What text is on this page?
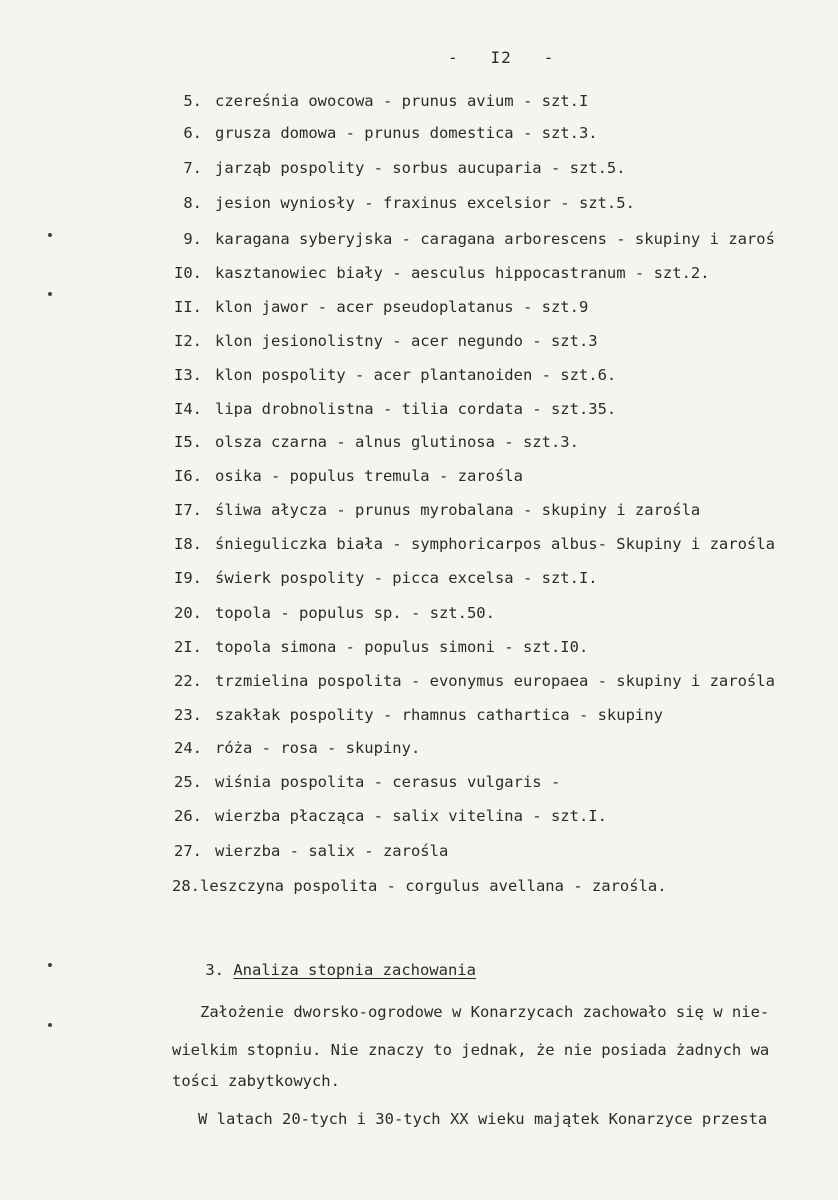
-   I2   -
5. czereśnia owocowa - prunus avium - szt.I
6. grusza domowa - prunus domestica - szt.3.
7. jarząb pospolity - sorbus aucuparia - szt.5.
8. jesion wyniosły - fraxinus excelsior - szt.5.
9. karagana syberyjska - caragana arborescens - skupiny i zaroś
I0. kasztanowiec biały - aesculus hippocastranum - szt.2.
II. klon jawor - acer pseudoplatanus - szt.9
I2. klon jesionolistny - acer negundo - szt.3
I3. klon pospolity - acer plantanoiden - szt.6.
I4. lipa drobnolistna - tilia cordata - szt.35.
I5. olsza czarna - alnus glutinosa - szt.3.
I6. osika - populus tremula - zarośla
I7. śliwa ałycza - prunus myrobalana - skupiny i zarośla
I8. śnieguliczka biała - symphoricarpos albus- Skupiny i zarośla
I9. świerk pospolity - picca excelsa - szt.I.
20. topola - populus sp. - szt.50.
2I. topola simona - populus simoni - szt.I0.
22. trzmielina pospolita - evonymus europaea - skupiny i zarośla
23. szakłak pospolity - rhamnus cathartica - skupiny
24. róża - rosa - skupiny.
25. wiśnia pospolita - cerasus vulgaris -
26. wierzba płacząca - salix vitelina - szt.I.
27. wierzba - salix - zarośla
28.leszczyna pospolita - corgulus avellana - zarośla.

3. Analiza stopnia zachowania

Założenie dworsko-ogrodowe w Konarzycach zachowało się w nie-
wielkim stopniu. Nie znaczy to jednak, że nie posiada żadnych wa
tości zabytkowych.
W latach 20-tych i 30-tych XX wieku majątek Konarzyce przesta
